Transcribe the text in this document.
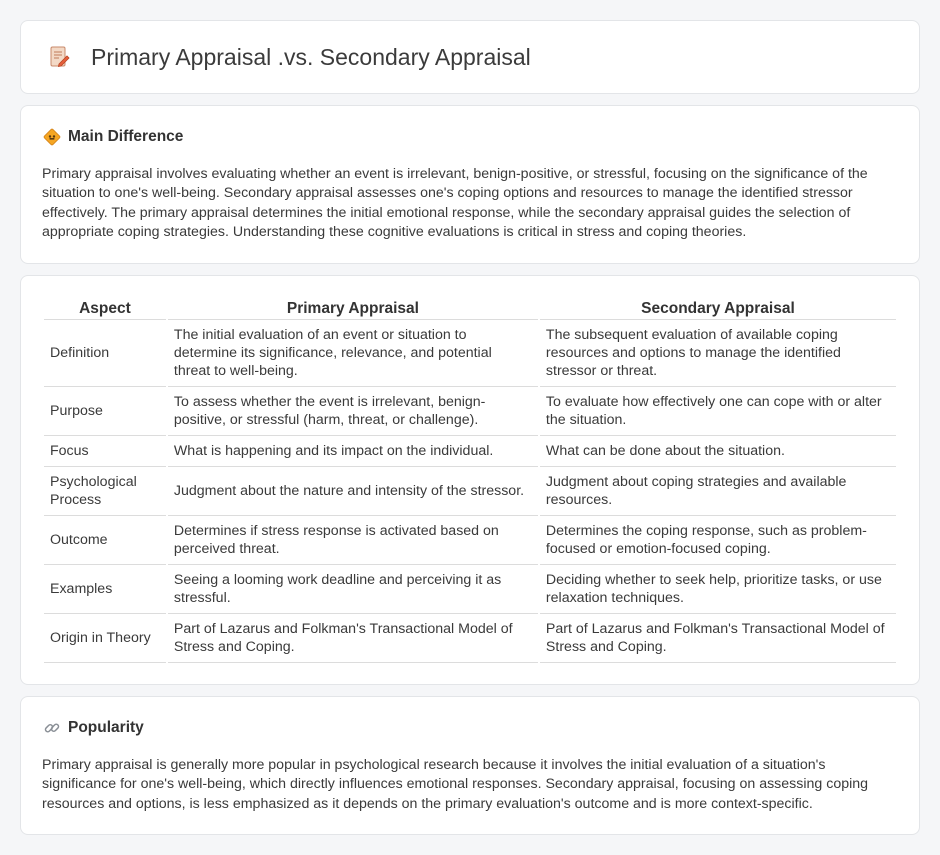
Primary Appraisal .vs. Secondary Appraisal
Main Difference

Primary appraisal involves evaluating whether an event is irrelevant, benign-positive, or stressful, focusing on the significance of the situation to one's well-being. Secondary appraisal assesses one's coping options and resources to manage the identified stressor effectively. The primary appraisal determines the initial emotional response, while the secondary appraisal guides the selection of appropriate coping strategies. Understanding these cognitive evaluations is critical in stress and coping theories.

Aspect	Primary Appraisal	Secondary Appraisal
Definition	The initial evaluation of an event or situation to determine its significance, relevance, and potential threat to well-being.	The subsequent evaluation of available coping resources and options to manage the identified stressor or threat.
Purpose	To assess whether the event is irrelevant, benign-positive, or stressful (harm, threat, or challenge).	To evaluate how effectively one can cope with or alter the situation.
Focus	What is happening and its impact on the individual.	What can be done about the situation.
Psychological Process	Judgment about the nature and intensity of the stressor.	Judgment about coping strategies and available resources.
Outcome	Determines if stress response is activated based on perceived threat.	Determines the coping response, such as problem-focused or emotion-focused coping.
Examples	Seeing a looming work deadline and perceiving it as stressful.	Deciding whether to seek help, prioritize tasks, or use relaxation techniques.
Origin in Theory	Part of Lazarus and Folkman's Transactional Model of Stress and Coping.	Part of Lazarus and Folkman's Transactional Model of Stress and Coping.
Popularity

Primary appraisal is generally more popular in psychological research because it involves the initial evaluation of a situation's significance for one's well-being, which directly influences emotional responses. Secondary appraisal, focusing on assessing coping resources and options, is less emphasized as it depends on the primary evaluation's outcome and is more context-specific.
